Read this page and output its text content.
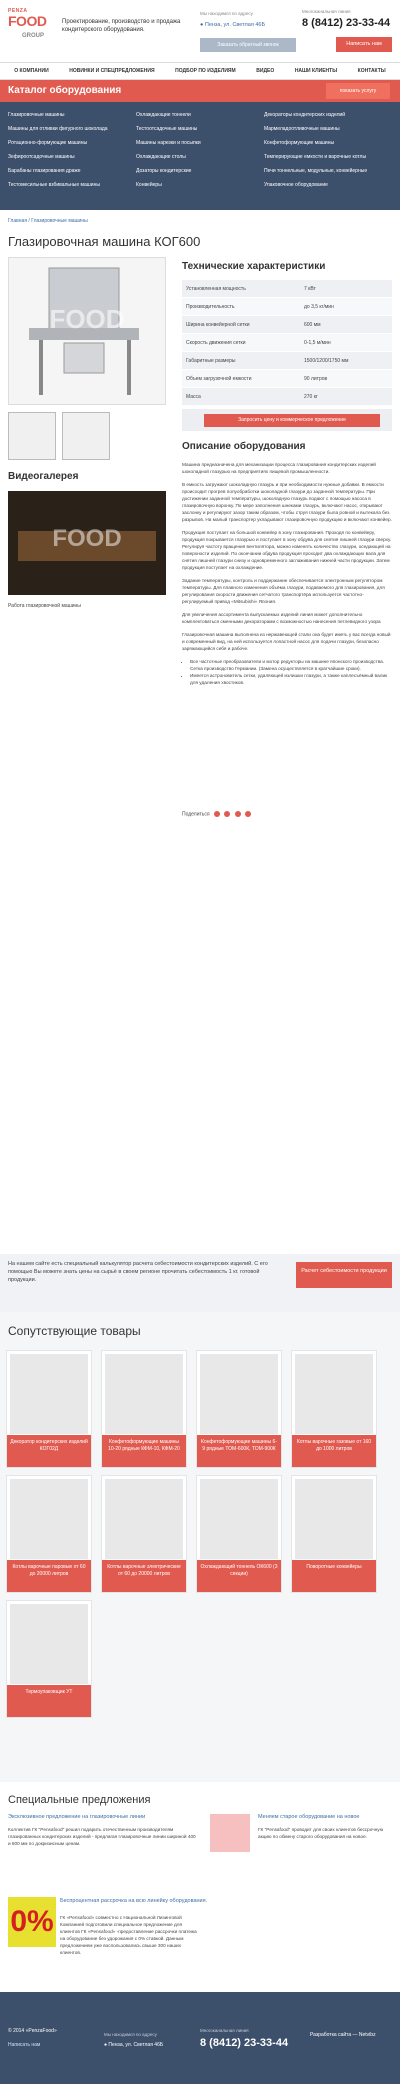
PENZA
FOOD
GROUP
Проектирование, производство и продажа кондитерского оборудования.
Мы находимся по адресу
● Пенза, ул. Светлая 46Б
Заказать обратный звонок
Многоканальная линия
8 (8412) 23-33-44
Написать нам
О КОМПАНИИ	НОВИНКИ И СПЕЦПРЕДЛОЖЕНИЯ	ПОДБОР ПО ИЗДЕЛИЯМ	ВИДЕО	НАШИ КЛИЕНТЫ	КОНТАКТЫ
Каталог оборудования	показать услугу
Глазировочные машины
Машины для отливки фигурного шоколада
Ротационно-формующие машины
Зефироотсадочные машины
Барабаны глазирования драже
Тестомесильные взбивальные машины
Охлаждающие тоннели
Тестоотсадочные машины
Машины нарезки и посыпки
Охлаждающие столы
Дозаторы кондитерские
Конвейеры
Декораторы кондитерских изделий
Мармеладоотливочные машины
Конфетоформующие машины
Темперирующие емкости и варочные котлы
Печи тоннельные, модульные, конвейерные
Упаковочное оборудование
Главная / Глазировочные машины
Глазировочная машина КОГ600
FOOD
Технические характеристики
Установленная мощность	7 кВт
Производительность	до 3,5 кг/мин
Ширина конвейерной сетки	600 мм
Скорость движения сетки	0-1,5 м/мин
Габаритные размеры	1500/1200/1750 мм
Объем загрузочной емкости	90 литров
Масса	270 кг
Запросить цену и коммерческое предложение
Описание оборудования

Машина предназначена для механизации процесса глазирования кондитерских изделий шоколадной глазурью на предприятиях пищевой промышленности.

В емкость загружают шоколадную глазурь и при необходимости нужные добавки. В емкости происходит прогрев полуобработки шоколадной глазури до заданной температуры. При достижении заданной температуры, шоколадную глазурь подают с помощью насоса в глазировочную воронку. По мере заполнения шнеками глазурь, включают насос, открывают заслонку и регулируют зазор таким образом, чтобы струя глазури была ровной и вытекала без разрывов. На малый транспортер укладывают глазировочную продукцию и включают конвейер.

Продукция поступает на большой конвейер в зону глазирования. Проходя по конвейеру, продукция покрывается глазурью и поступает в зону обдува для снятия лишней глазури сверху. Регулируя частоту вращения вентилятора, можно изменять количество глазури, оседающей на поверхности изделий. По окончании обдува продукция проходит два охлаждающих вала для снятия лишней глазури снизу и одновременного заглаживания нижней части продукции. Затем продукция поступает на охлаждение.

Задание температуры, контроль и поддержание обеспечивается электронным регулятором температуры. Для плавного изменения объёма глазури, подаваемого для глазирования, для регулирования скорости движения сетчатого транспортёра используется частотно-регулируемый привод «Mitsubishi» Япония.

Для увеличения ассортимента выпускаемых изделий линия может дополнительно комплектоваться сменными декораторами с возможностью нанесения петлевидного узора

Глазировочная машина выполнена из нержавеющей стали она будет иметь у вас всегда новый и современный вид, на ней используется лопастной насос для подачи глазури, безопасно заряжающийся себя и рабоче.

• Все частотные преобразователи и мотор редукторы на машине японского производства. Сетка производство Германии. (Замена осуществляется в кратчайшие сроки).
• Имеется астроновитель сетки, удаляющей излишки глазури, а также каплесъёмный валик для удаления хвостиков.
Видеогалерея
FOOD
Работа глазировочной машины
Поделиться
На нашем сайте есть специальный калькулятор расчета себестоимости кондитерских изделий. С его помощью Вы можете знать цены на сырьё в своем регионе прочитать себестоимость 1 кг. готовой продукции.
Расчет себестоимости продукции
Сопутствующие товары
Декоратор кондитерских изделий КОГ02Д
Конфетоформующие машины 10-20 рядные КФМ-10, КФМ-20
Конфетоформующие машины 6-9 рядные ТОМ-600К, ТОМ-900К
Котлы варочные газовые от 160 до 1000 литров
Котлы варочные паровые от 60 до 20000 литров
Котлы варочные электрические от 60 до 20000 литров
Охлаждающий тоннель ОК600 (3 секции)
Поворотные конвейеры
Термоупаковщик УТ
Специальные предложения
Эксклюзивное предложение на глазировочные линии
Коллектив ГК "Pensafood" решил подарить отечественным производителям глазированных кондитерских изделий - предлагая глазировочные линии шириной 400 и 600 мм по докризисным ценам.
Меняем старое оборудование на новое
ГК "Pensafood" проводит для своих клиентов бессрочную акцию по обмену старого оборудования на новое.
0%
Беспроцентная рассрочка на всю линейку оборудования.
ГК «Pensafood» совместно с Национальной Лизинговой Компанией подготовили специальное предложение для клиентов ГК «Pensafood» -предоставление рассрочки платежа на оборудование без удорожания с 0% ставкой. Данным предложением уже воспользовались свыше 300 наших клиентов.
© 2014 «PenzaFood»
Написать нам
Мы находимся по адресу
● Пенза, ул. Светлая 46Б
Многоканальная линия
8 (8412) 23-33-44
Разработка сайта — Netvibz
